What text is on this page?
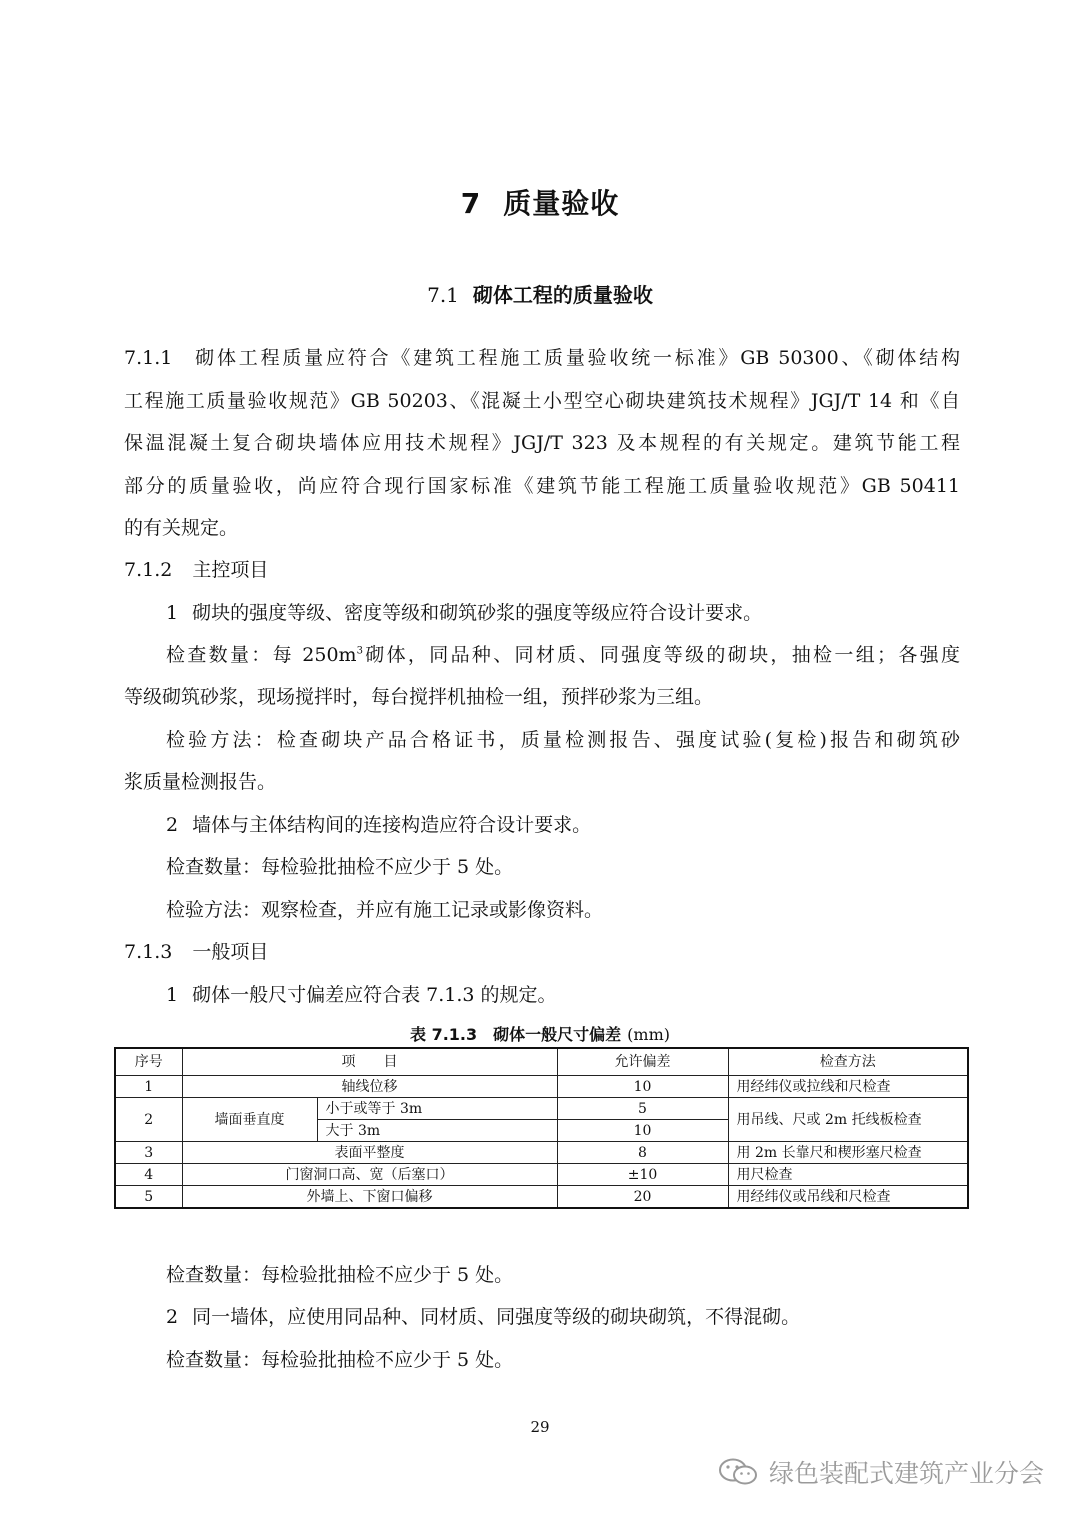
7 质量验收
7.1 砌体工程的质量验收
7.1.1 砌体工程质量应符合《建筑工程施工质量验收统一标准》GB 50300、《砌体结构
工程施工质量验收规范》GB 50203、《混凝土小型空心砌块建筑技术规程》JGJ/T 14 和《自
保温混凝土复合砌块墙体应用技术规程》JGJ/T 323 及本规程的有关规定。建筑节能工程
部分的质量验收，尚应符合现行国家标准《建筑节能工程施工质量验收规范》GB 50411
的有关规定。
7.1.2 主控项目
1 砌块的强度等级、密度等级和砌筑砂浆的强度等级应符合设计要求。
检查数量：每 $250m^3$砌体，同品种、同材质、同强度等级的砌块，抽检一组；各强度
等级砌筑砂浆，现场搅拌时，每台搅拌机抽检一组，预拌砂浆为三组。
检验方法：检查砌块产品合格证书，质量检测报告、强度试验(复检)报告和砌筑砂
浆质量检测报告。
2 墙体与主体结构间的连接构造应符合设计要求。
检查数量：每检验批抽检不应少于 5 处。
检验方法：观察检查，并应有施工记录或影像资料。
7.1.3 一般项目
1 砌体一般尺寸偏差应符合表 7.1.3 的规定。
表 7.1.3 砌体一般尺寸偏差 (mm)
序号	项　　目		允许偏差	检查方法
1	轴线位移		10	用经纬仪或拉线和尺检查
2	墙面垂直度	小于或等于 3m	5	用吊线、尺或 2m 托线板检查
		大于 3m	10	
3	表面平整度		8	用 2m 长靠尺和楔形塞尺检查
4	门窗洞口高、宽（后塞口）		±10	用尺检查
5	外墙上、下窗口偏移		20	用经纬仪或吊线和尺检查
检查数量：每检验批抽检不应少于 5 处。
2 同一墙体，应使用同品种、同材质、同强度等级的砌块砌筑，不得混砌。
检查数量：每检验批抽检不应少于 5 处。
29
绿色装配式建筑产业分会
